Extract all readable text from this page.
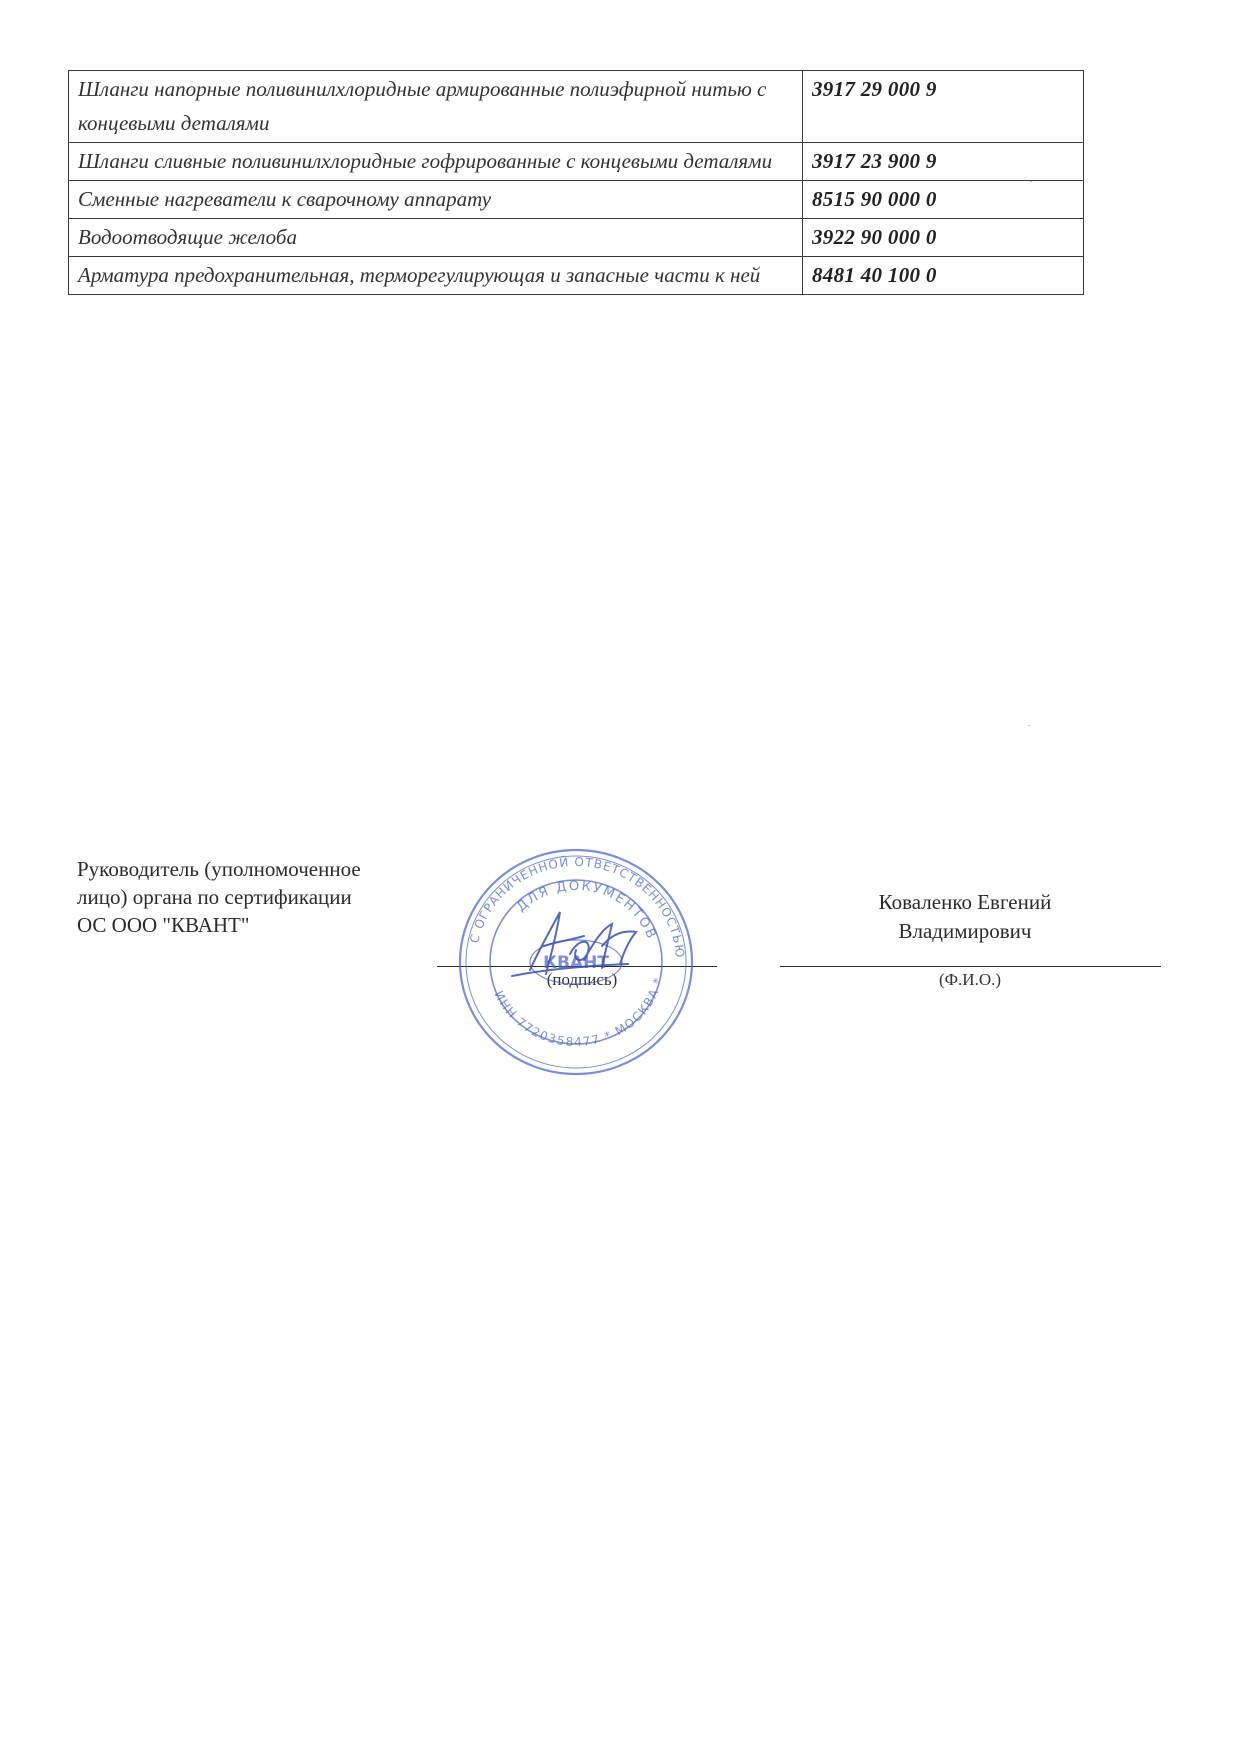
Шланги напорные поливинилхлоридные армированные полиэфирной нитью с концевыми деталями	3917 29 000 9
Шланги сливные поливинилхлоридные гофрированные с концевыми деталями	3917 23 900 9
Сменные нагреватели к сварочному аппарату	8515 90 000 0
Водоотводящие желоба	3922 90 000 0
Арматура предохранительная, терморегулирующая и запасные части к ней	8481 40 100 0
Руководитель (уполномоченное
лицо) органа по сертификации
ОС ООО "КВАНТ"
(подпись)
Коваленко Евгений
Владимирович
(Ф.И.О.)
С ОГРАНИЧЕННОЙ ОТВЕТСТВЕННОСТЬЮ
ДЛЯ ДОКУМЕНТОВ
ИНН 7720358477 * МОСКВА *
КВАНТ
